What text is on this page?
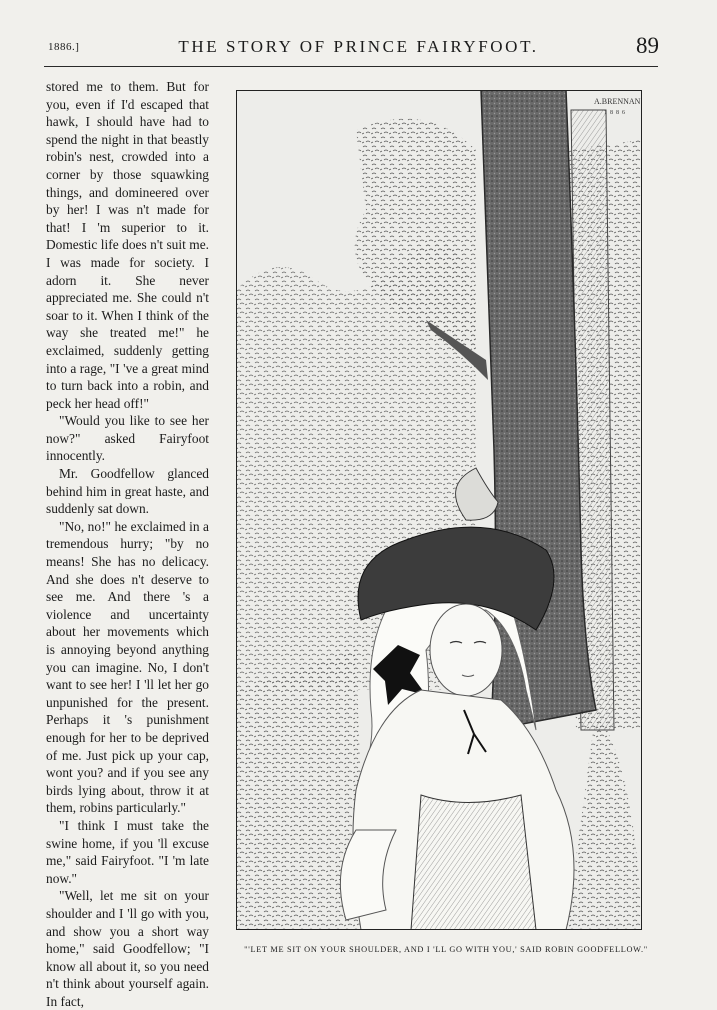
1886.]	THE STORY OF PRINCE FAIRYFOOT.	89

stored me to them. But for you, even if I'd escaped that hawk, I should have had to spend the night in that beastly robin's nest, crowded into a corner by those squawking things, and domineered over by her! I was n't made for that! I 'm superior to it. Domestic life does n't suit me. I was made for society. I adorn it. She never appreciated me. She could n't soar to it. When I think of the way she treated me!" he exclaimed, suddenly getting into a rage, "I 've a great mind to turn back into a robin, and peck her head off!"

"Would you like to see her now?" asked Fairyfoot innocently.

Mr. Goodfellow glanced behind him in great haste, and suddenly sat down.

"No, no!" he exclaimed in a tremendous hurry; "by no means! She has no delicacy. And she does n't deserve to see me. And there 's a violence and uncertainty about her movements which is annoying beyond anything you can imagine. No, I don't want to see her! I 'll let her go unpunished for the present. Perhaps it 's punishment enough for her to be deprived of me. Just pick up your cap, wont you? and if you see any birds lying about, throw it at them, robins particularly."

"I think I must take the swine home, if you 'll excuse me," said Fairyfoot. "I 'm late now."

"Well, let me sit on your shoulder and I 'll go with you, and show you a short way home," said Goodfellow; "I know all about it, so you need n't think about yourself again. In fact,

A.BRENNAN
1886
"'LET ME SIT ON YOUR SHOULDER, AND I 'LL GO WITH YOU,' SAID ROBIN GOODFELLOW."
